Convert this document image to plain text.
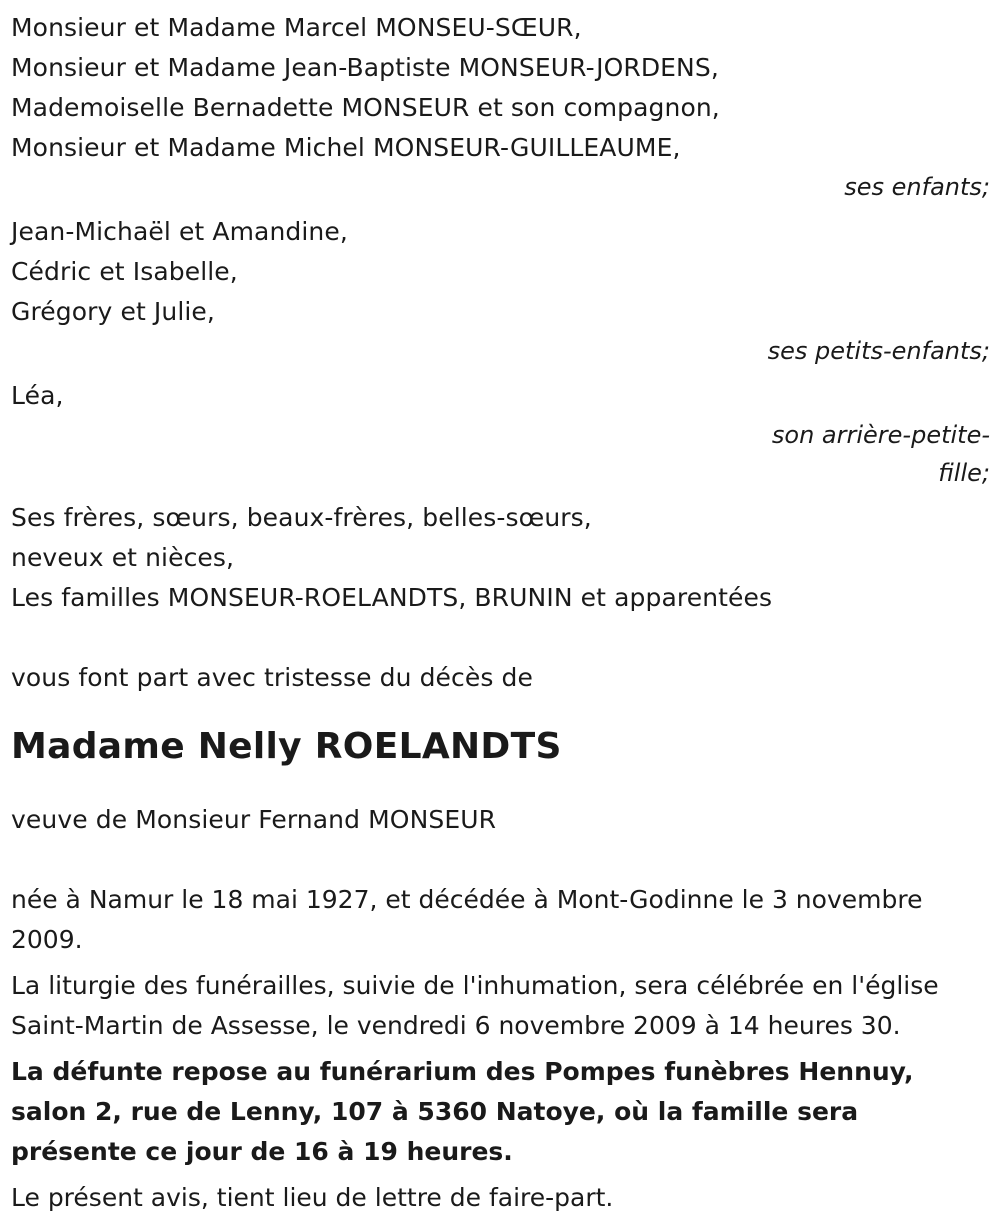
Monsieur et Madame Marcel MONSEU-SŒUR,
Monsieur et Madame Jean-Baptiste MONSEUR-JORDENS,
Mademoiselle Bernadette MONSEUR et son compagnon,
Monsieur et Madame Michel MONSEUR-GUILLEAUME,
ses enfants;
Jean-Michaël et Amandine,
Cédric et Isabelle,
Grégory et Julie,
ses petits-enfants;
Léa,
son arrière-petite-fille;
Ses frères, sœurs, beaux-frères, belles-sœurs,
neveux et nièces,
Les familles MONSEUR-ROELANDTS, BRUNIN et apparentées
vous font part avec tristesse du décès de
Madame Nelly ROELANDTS
veuve de Monsieur Fernand MONSEUR
née à Namur le 18 mai 1927, et décédée à Mont-Godinne le 3 novembre 2009.
La liturgie des funérailles, suivie de l'inhumation, sera célébrée en l'église Saint-Martin de Assesse, le vendredi 6 novembre 2009 à 14 heures 30.
La défunte repose au funérarium des Pompes funèbres Hennuy, salon 2, rue de Lenny, 107 à 5360 Natoye, où la famille sera présente ce jour de 16 à 19 heures.
Le présent avis, tient lieu de lettre de faire-part.
